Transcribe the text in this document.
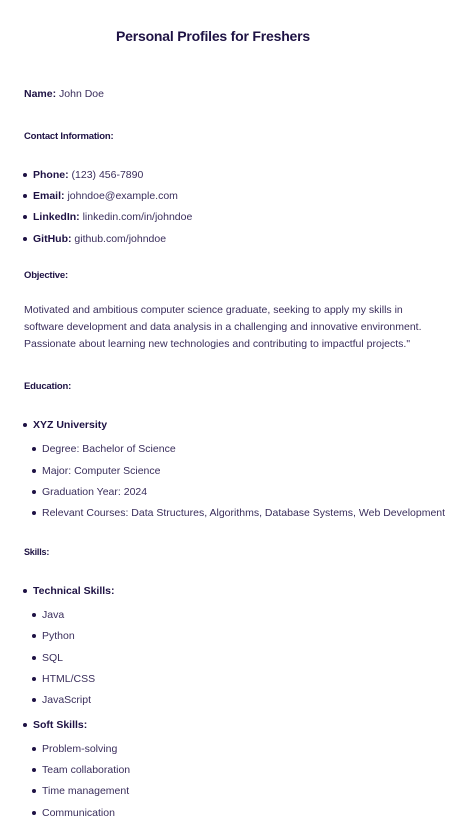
Personal Profiles for Freshers
Name: John Doe
Contact Information:
Phone: (123) 456-7890
Email: johndoe@example.com
LinkedIn: linkedin.com/in/johndoe
GitHub: github.com/johndoe
Objective:
Motivated and ambitious computer science graduate, seeking to apply my skills in software development and data analysis in a challenging and innovative environment. Passionate about learning new technologies and contributing to impactful projects."
Education:
XYZ University
Degree: Bachelor of Science
Major: Computer Science
Graduation Year: 2024
Relevant Courses: Data Structures, Algorithms, Database Systems, Web Development
Skills:
Technical Skills:
Java
Python
SQL
HTML/CSS
JavaScript
Soft Skills:
Problem-solving
Team collaboration
Time management
Communication
